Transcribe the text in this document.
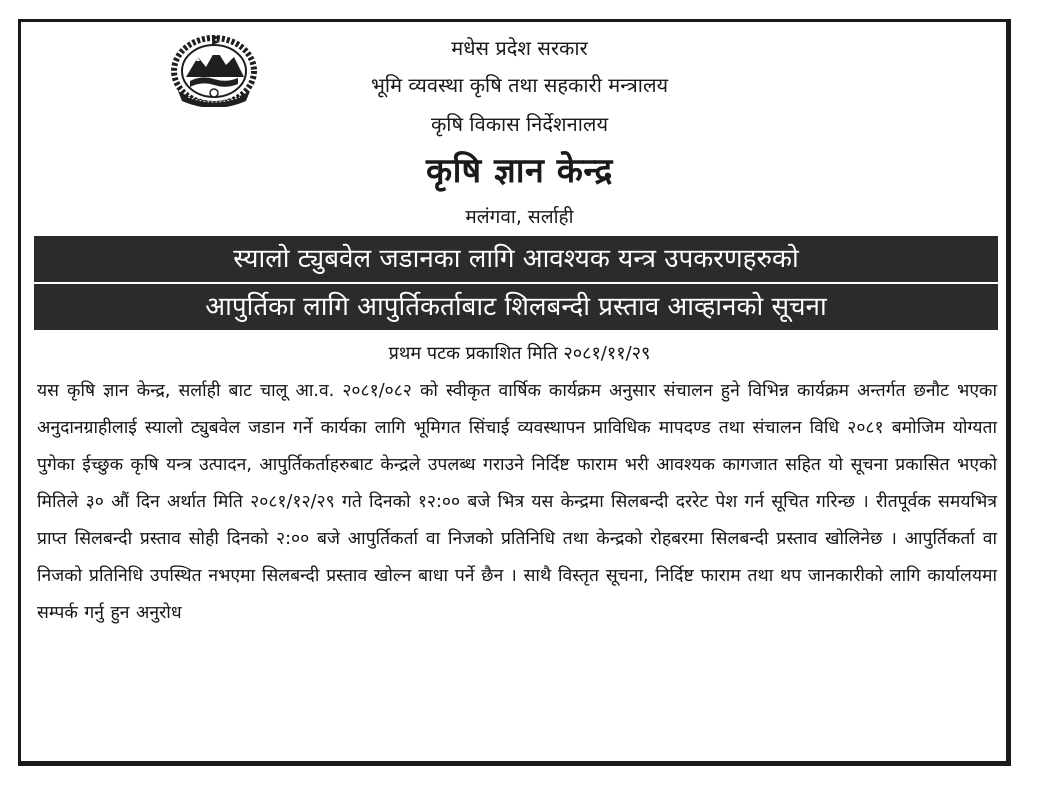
मधेस प्रदेश सरकार
भूमि व्यवस्था कृषि तथा सहकारी मन्त्रालय
कृषि विकास निर्देशनालय
कृषि ज्ञान केन्द्र
मलंगवा, सर्लाही
स्यालो ट्युबवेल जडानका लागि आवश्यक यन्त्र उपकरणहरुको
आपुर्तिका लागि आपुर्तिकर्ताबाट शिलबन्दी प्रस्ताव आव्हानको सूचना
प्रथम पटक प्रकाशित मिति २०८१/११/२९
यस कृषि ज्ञान केन्द्र, सर्लाही बाट चालू आ.व. २०८१/०८२ को स्वीकृत वार्षिक कार्यक्रम अनुसार संचालन हुने विभिन्न कार्यक्रम अन्तर्गत छनौट भएका अनुदानग्राहीलाई स्यालो ट्युबवेल जडान गर्ने कार्यका लागि भूमिगत सिंचाई व्यवस्थापन प्राविधिक मापदण्ड तथा संचालन विधि २०८१ बमोजिम योग्यता पुगेका ईच्छुक कृषि यन्त्र उत्पादन, आपुर्तिकर्ताहरुबाट केन्द्रले उपलब्ध गराउने निर्दिष्ट फाराम भरी आवश्यक कागजात सहित यो सूचना प्रकासित भएको मितिले ३० औं दिन अर्थात मिति २०८१/१२/२९ गते दिनको १२:०० बजे भित्र यस केन्द्रमा सिलबन्दी दररेट पेश गर्न सूचित गरिन्छ । रीतपूर्वक समयभित्र प्राप्त सिलबन्दी प्रस्ताव सोही दिनको २:०० बजे आपुर्तिकर्ता वा निजको प्रतिनिधि तथा केन्द्रको रोहबरमा सिलबन्दी प्रस्ताव खोलिनेछ । आपुर्तिकर्ता वा निजको प्रतिनिधि उपस्थित नभएमा सिलबन्दी प्रस्ताव खोल्न बाधा पर्ने छैन । साथै विस्तृत सूचना, निर्दिष्ट फाराम तथा थप जानकारीको लागि कार्यालयमा सम्पर्क गर्नु हुन अनुरोध
